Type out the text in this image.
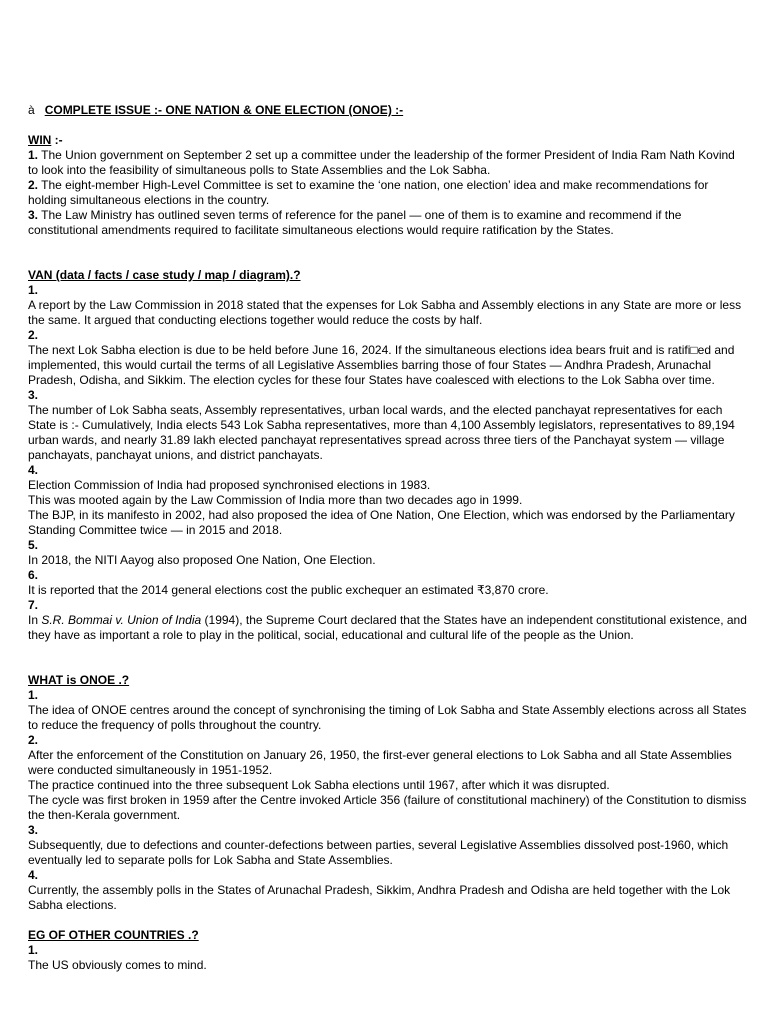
à COMPLETE ISSUE :- ONE NATION & ONE ELECTION (ONOE) :-

WIN :-

1. The Union government on September 2 set up a committee under the leadership of the former President of India Ram Nath Kovind to look into the feasibility of simultaneous polls to State Assemblies and the Lok Sabha.

2. The eight-member High-Level Committee is set to examine the ‘one nation, one election’ idea and make recommendations for holding simultaneous elections in the country.

3. The Law Ministry has outlined seven terms of reference for the panel — one of them is to examine and recommend if the constitutional amendments required to facilitate simultaneous elections would require ratification by the States.

VAN (data / facts / case study / map / diagram).?

1.

A report by the Law Commission in 2018 stated that the expenses for Lok Sabha and Assembly elections in any State are more or less the same. It argued that conducting elections together would reduce the costs by half.

2.

The next Lok Sabha election is due to be held before June 16, 2024. If the simultaneous elections idea bears fruit and is ratifi□ed and implemented, this would curtail the terms of all Legislative Assemblies barring those of four States — Andhra Pradesh, Arunachal Pradesh, Odisha, and Sikkim. The election cycles for these four States have coalesced with elections to the Lok Sabha over time.

3.

The number of Lok Sabha seats, Assembly representatives, urban local wards, and the elected panchayat representatives for each State is :- Cumulatively, India elects 543 Lok Sabha representatives, more than 4,100 Assembly legislators, representatives to 89,194 urban wards, and nearly 31.89 lakh elected panchayat representatives spread across three tiers of the Panchayat system — village panchayats, panchayat unions, and district panchayats.

4.

Election Commission of India had proposed synchronised elections in 1983.

This was mooted again by the Law Commission of India more than two decades ago in 1999.

The BJP, in its manifesto in 2002, had also proposed the idea of One Nation, One Election, which was endorsed by the Parliamentary Standing Committee twice — in 2015 and 2018.

5.

In 2018, the NITI Aayog also proposed One Nation, One Election.

6.

It is reported that the 2014 general elections cost the public exchequer an estimated ₹3,870 crore.

7.

In S.R. Bommai v. Union of India (1994), the Supreme Court declared that the States have an independent constitutional existence, and they have as important a role to play in the political, social, educational and cultural life of the people as the Union.

WHAT is ONOE .?

1.

The idea of ONOE centres around the concept of synchronising the timing of Lok Sabha and State Assembly elections across all States to reduce the frequency of polls throughout the country.

2.

After the enforcement of the Constitution on January 26, 1950, the first-ever general elections to Lok Sabha and all State Assemblies were conducted simultaneously in 1951-1952.

The practice continued into the three subsequent Lok Sabha elections until 1967, after which it was disrupted.

The cycle was first broken in 1959 after the Centre invoked Article 356 (failure of constitutional machinery) of the Constitution to dismiss the then-Kerala government.

3.

Subsequently, due to defections and counter-defections between parties, several Legislative Assemblies dissolved post-1960, which eventually led to separate polls for Lok Sabha and State Assemblies.

4.

Currently, the assembly polls in the States of Arunachal Pradesh, Sikkim, Andhra Pradesh and Odisha are held together with the Lok Sabha elections.

EG OF OTHER COUNTRIES .?

1.

The US obviously comes to mind.
